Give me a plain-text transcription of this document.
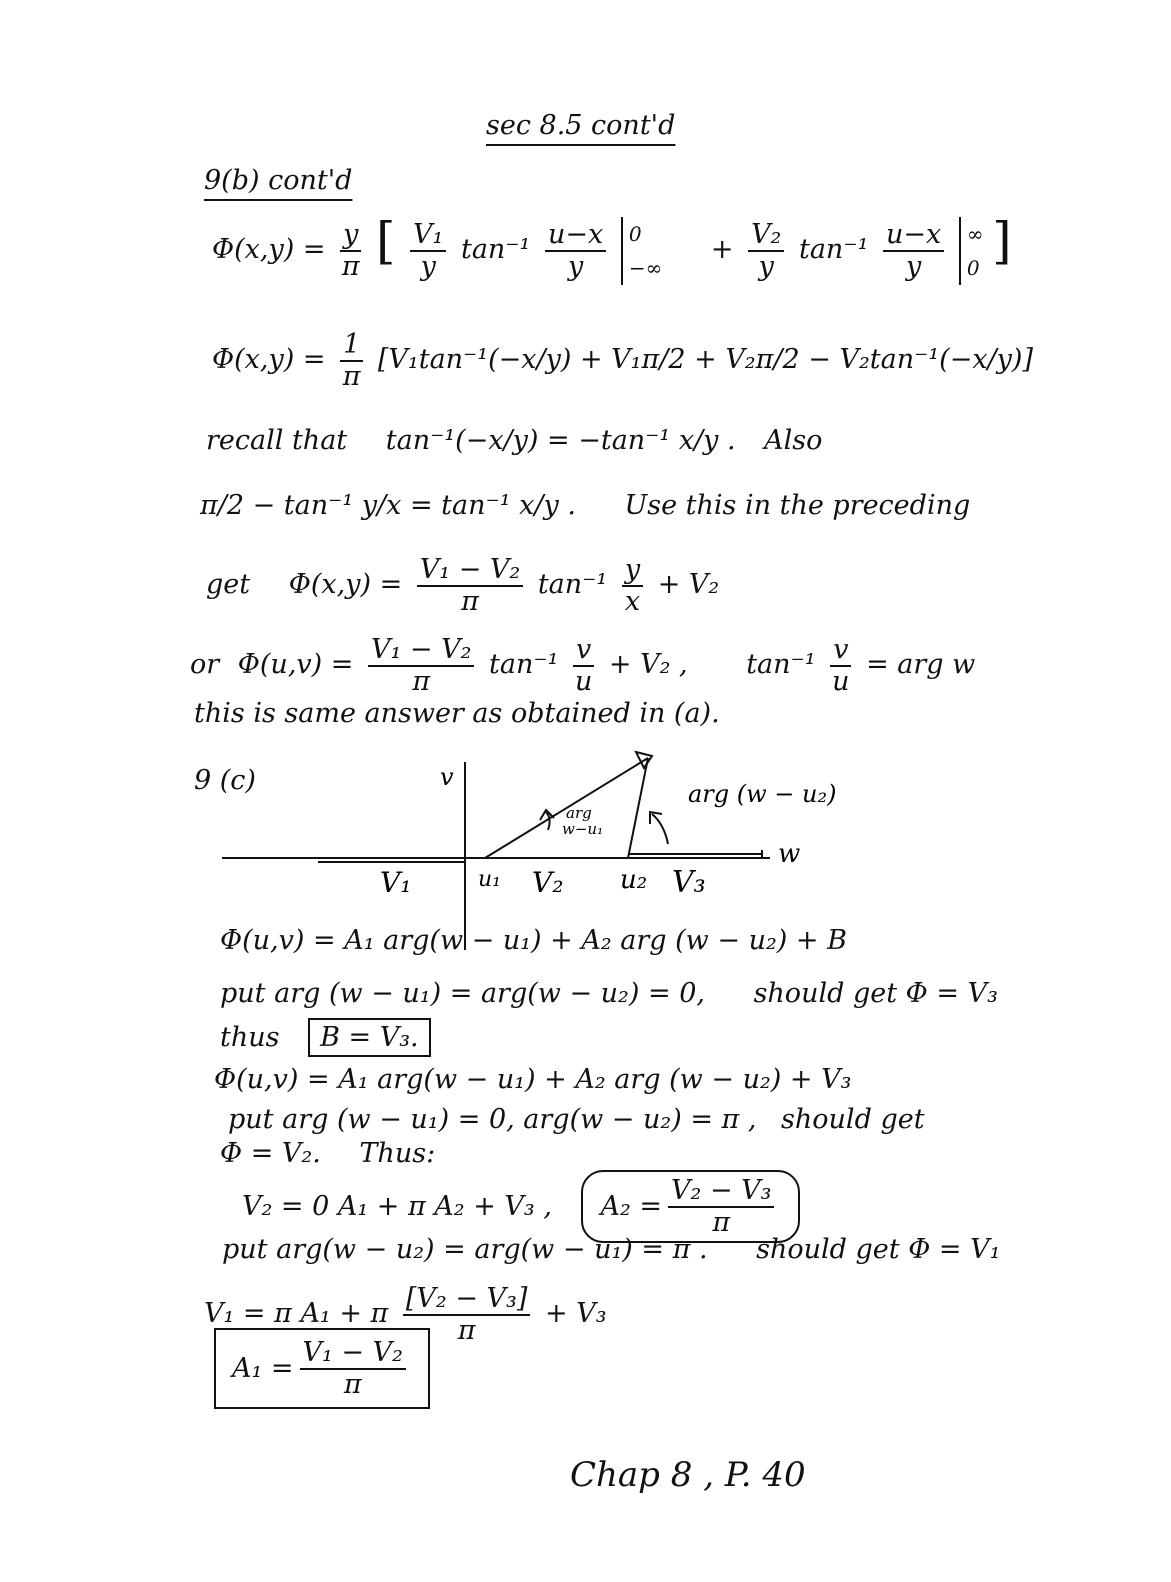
sec 8.5 cont'd
9(b) cont'd
$\Phi(x,y) = \frac{y}{\pi}$ [ $\frac{\text{V₁}}{y} \tan^{-1} \frac{u-x}{y}$
0
−∞
+ $\frac{\text{V₂}}{y} \tan^{-1} \frac{u-x}{y}$
∞
0 ]
$\Phi(x,y) = \frac{1}{\pi} [V_1\tan^{-1}(-x/y) + V_1\pi/2 + V_2\pi/2 - V_2\tan^{-1}(-x/y)]$
recall that tan⁻¹(−x/y) = −tan⁻¹ x/y . Also
π/2 − tan⁻¹ y/x = tan⁻¹ x/y . Use this in the preceding
get $\Phi(x,y) = \frac{\text{V₁ − V₂}}{\pi} \tan^{-1} \frac{y}{x} + V_2$
or $\Phi(u,v) = \frac{\text{V₁ − V₂}}{\pi} \tan^{-1} \frac{v}{u} + V_2$ , $\tan^{-1} \frac{v}{u}$ = arg w
this is same answer as obtained in (a).
9 (c)	v
w
V₁	u₁ V₂ u₂ V₃
arg
w−u₁
arg (w − u₂)
Φ(u,v) = A₁ arg(w − u₁) + A₂ arg (w − u₂) + B
put arg (w − u₁) = arg(w − u₂) = 0, should get Φ = V₃
thus B = V₃.
Φ(u,v) = A₁ arg(w − u₁) + A₂ arg (w − u₂) + V₃
put arg (w − u₁) = 0, arg(w − u₂) = π , should get
Φ = V₂. Thus:
V₂ = 0 A₁ + π A₂ + V₃ , $A_2 = \frac{\text{V₂ − V₃}}{\pi}$
put arg(w − u₂) = arg(w − u₁) = π . should get Φ = V₁
V₁ = π A₁ + π $\frac{\text{[V₂ − V₃]}}{\pi} + V_3$
$A_1 = \frac{\text{V₁ − V₂}}{\pi}$
Chap 8 , P. 40
